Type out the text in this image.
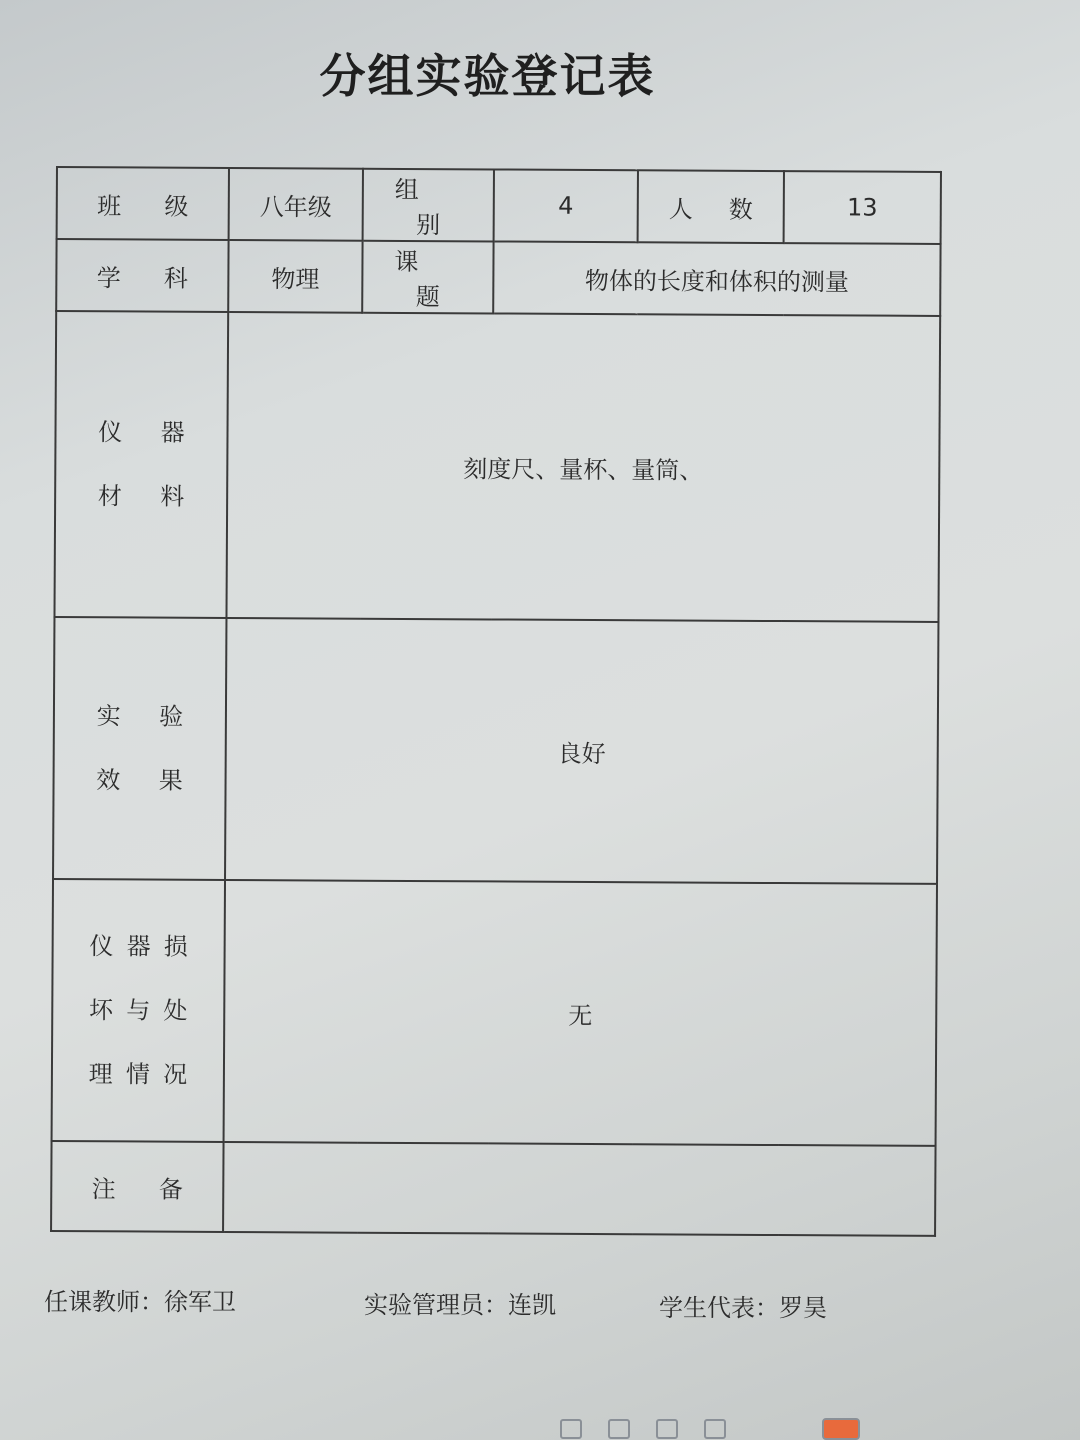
分组实验登记表
班级	八年级	组别	4	人数	13
学科	物理	课题	物体的长度和体积的测量		

仪器
材料	刻度尺、量杯、量筒、				

实验
效果	良好				

仪器损
坏与处
理情况	无				
注备					
任课教师：徐军卫	实验管理员：连凯	学生代表：罗昊
